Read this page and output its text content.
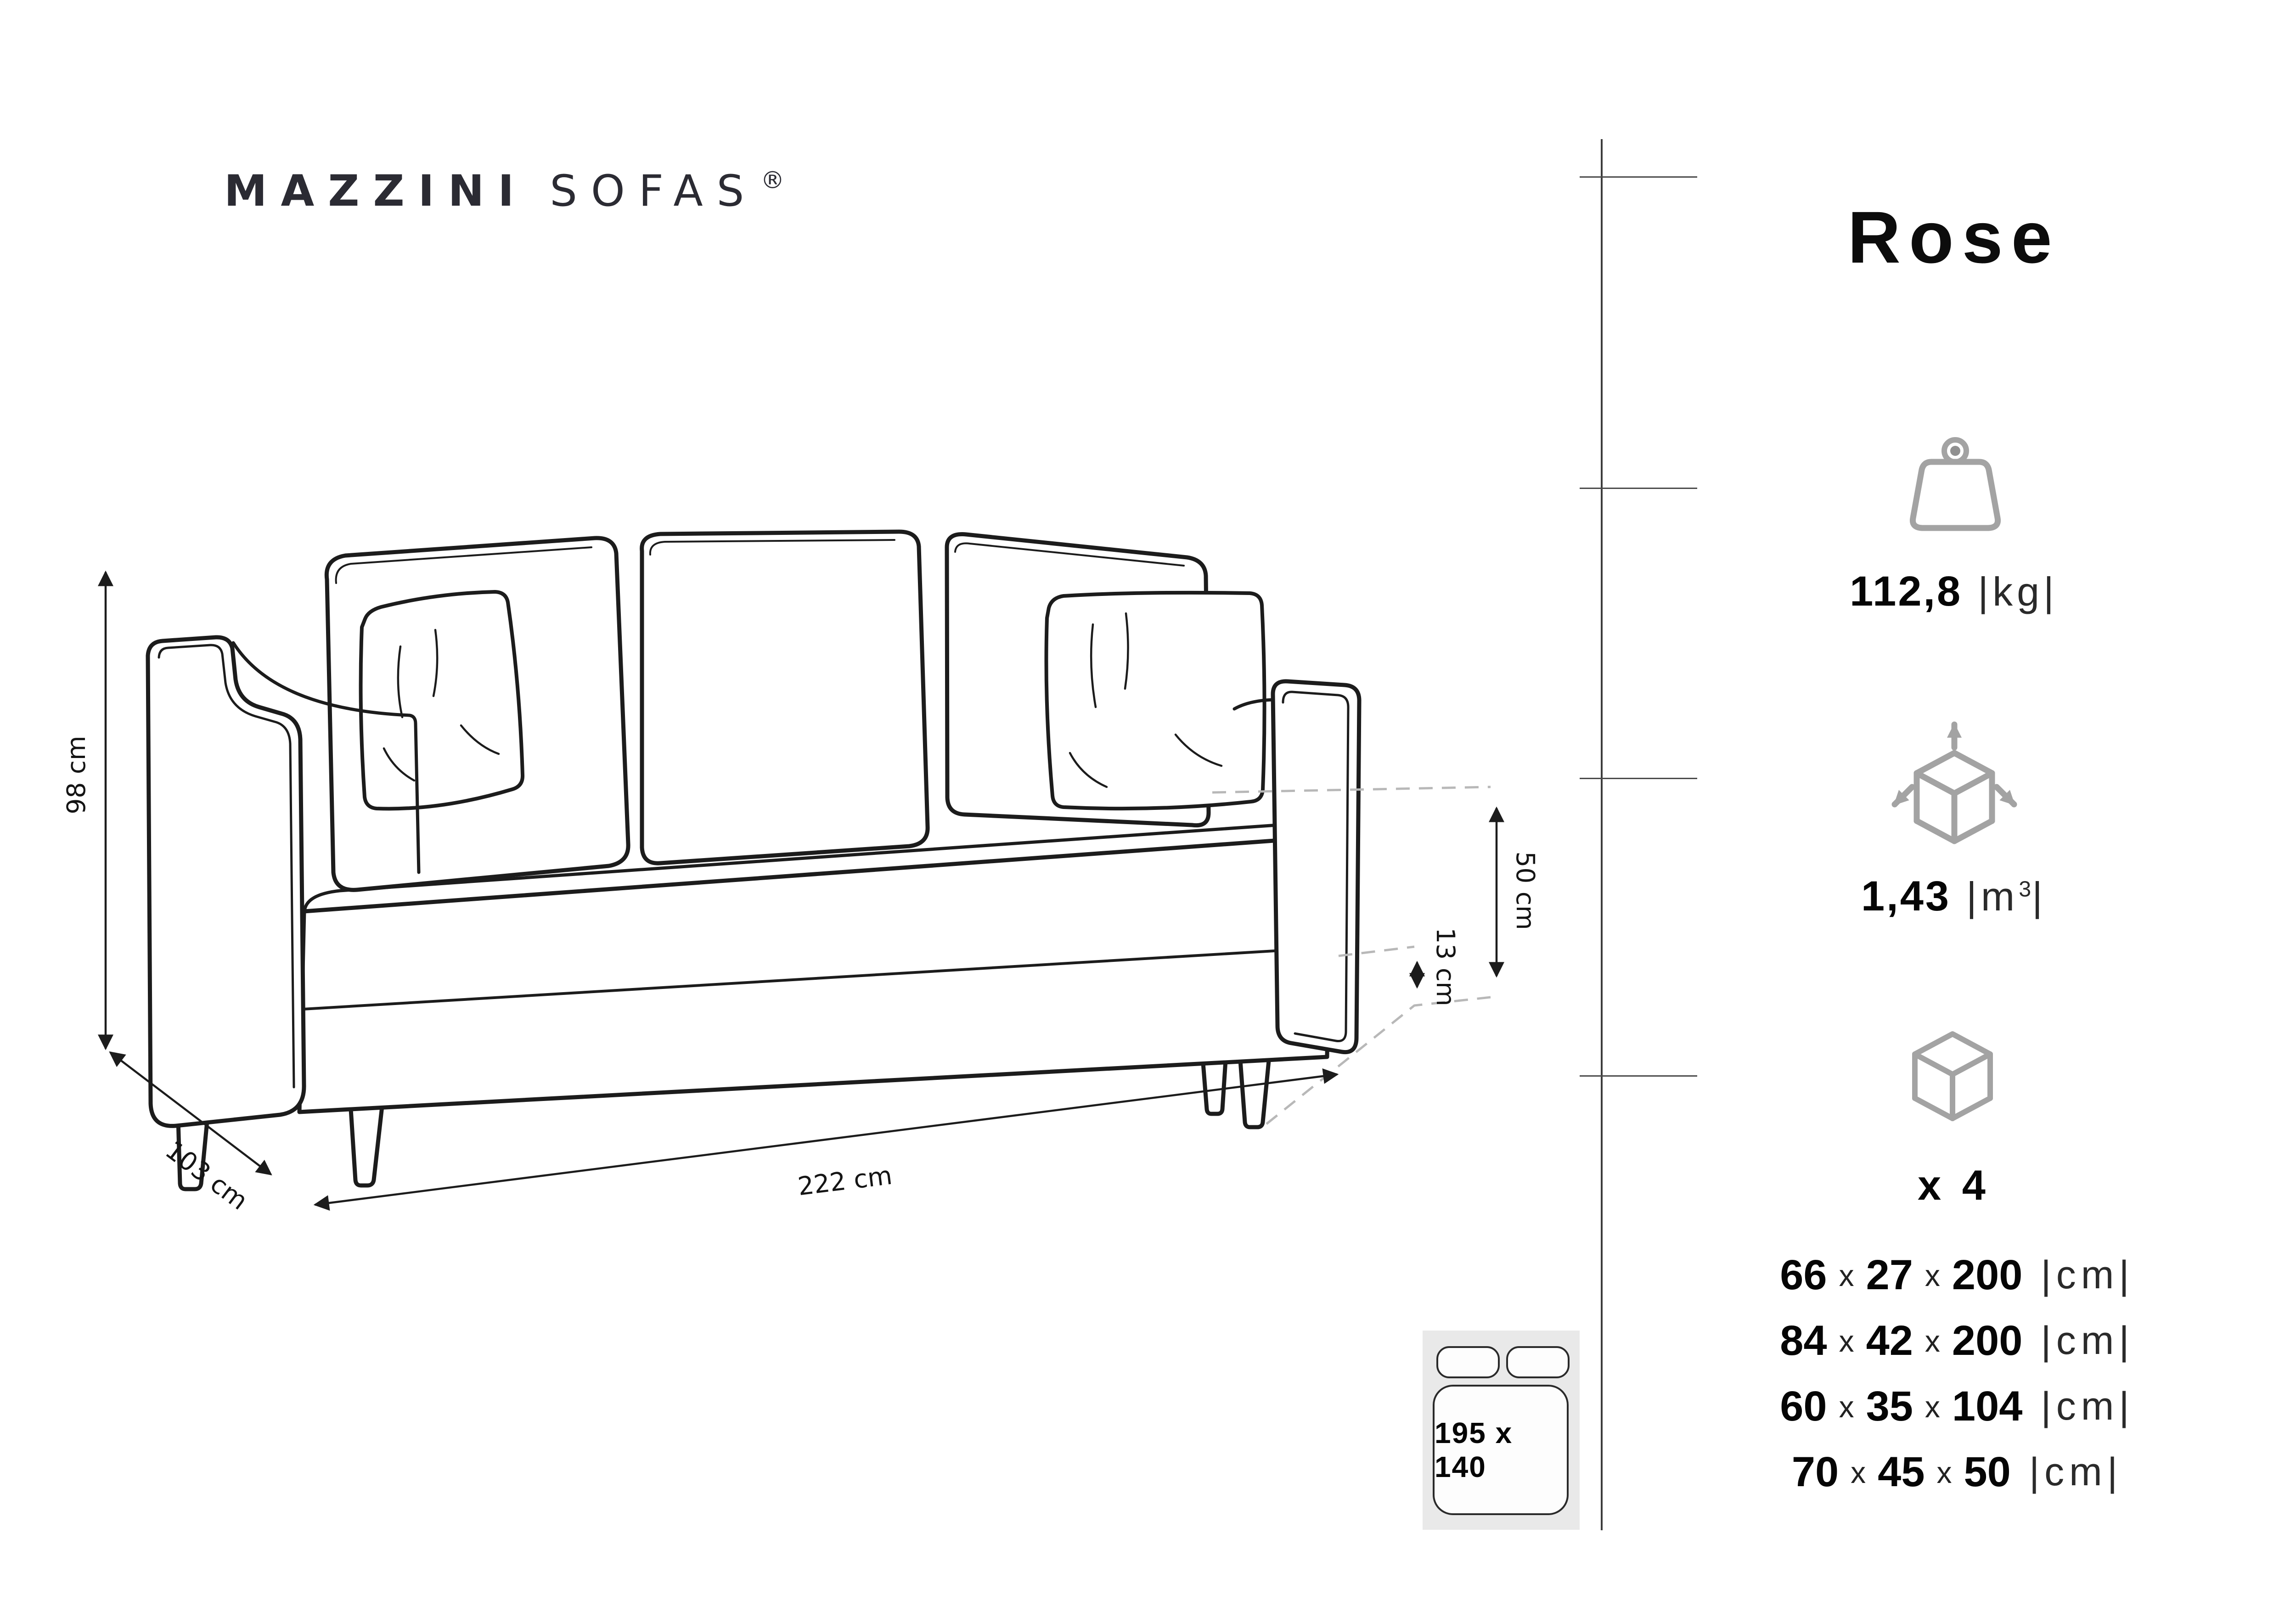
MAZZINI SOFAS ®
98 cm
103 cm	222 cm
50 cm
13 cm
Rose
112,8 |kg|
1,43 $|m^3|$
x 4
66 x 27 x 200 |cm|
84 x 42 x 200 |cm|
60 x 35 x 104 |cm|
70 x 45 x 50 |cm|
195 x 140
